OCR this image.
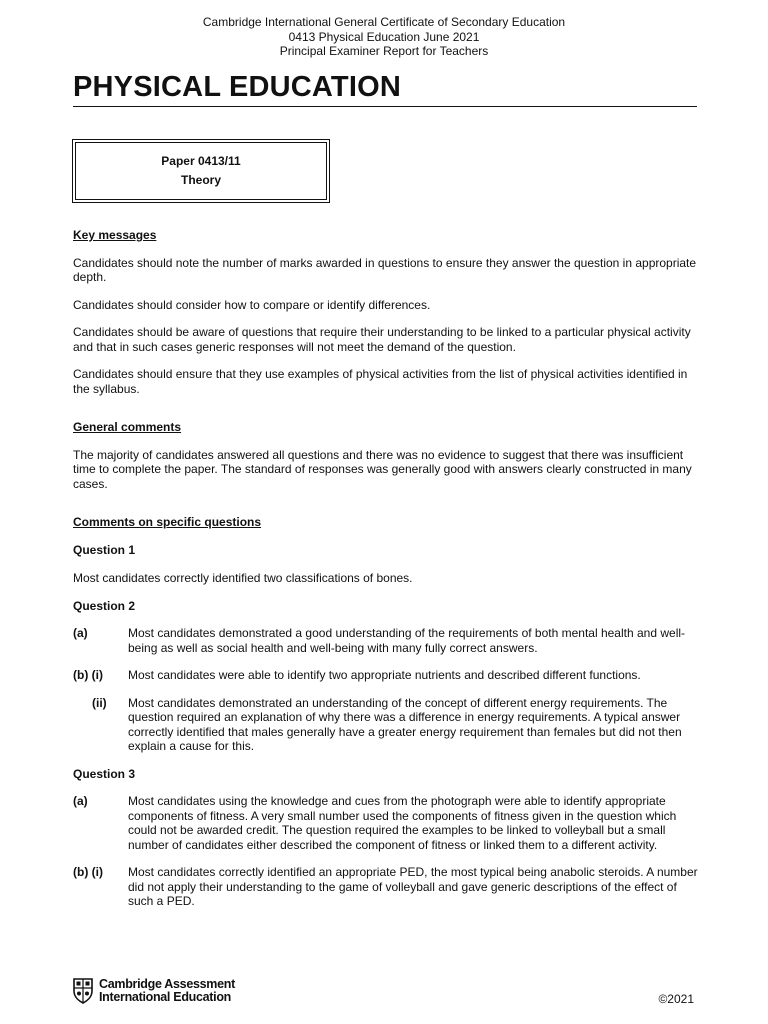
Cambridge International General Certificate of Secondary Education
0413 Physical Education June 2021
Principal Examiner Report for Teachers
PHYSICAL EDUCATION
Paper 0413/11
Theory

Key messages

Candidates should note the number of marks awarded in questions to ensure they answer the question in appropriate depth.

Candidates should consider how to compare or identify differences.

Candidates should be aware of questions that require their understanding to be linked to a particular physical activity and that in such cases generic responses will not meet the demand of the question.

Candidates should ensure that they use examples of physical activities from the list of physical activities identified in the syllabus.

General comments

The majority of candidates answered all questions and there was no evidence to suggest that there was insufficient time to complete the paper. The standard of responses was generally good with answers clearly constructed in many cases.

Comments on specific questions

Question 1

Most candidates correctly identified two classifications of bones.

Question 2

(a)	Most candidates demonstrated a good understanding of the requirements of both mental health and well-being as well as social health and well-being with many fully correct answers.
(b) (i)	Most candidates were able to identify two appropriate nutrients and described different functions.
(ii)	Most candidates demonstrated an understanding of the concept of different energy requirements. The question required an explanation of why there was a difference in energy requirements. A typical answer correctly identified that males generally have a greater energy requirement than females but did not then explain a cause for this.

Question 3

(a)	Most candidates using the knowledge and cues from the photograph were able to identify appropriate components of fitness. A very small number used the components of fitness given in the question which could not be awarded credit. The question required the examples to be linked to volleyball but a small number of candidates either described the component of fitness or linked them to a different activity.
(b) (i)	Most candidates correctly identified an appropriate PED, the most typical being anabolic steroids. A number did not apply their understanding to the game of volleyball and gave generic descriptions of the effect of such a PED.
Cambridge Assessment
International Education	©2021
